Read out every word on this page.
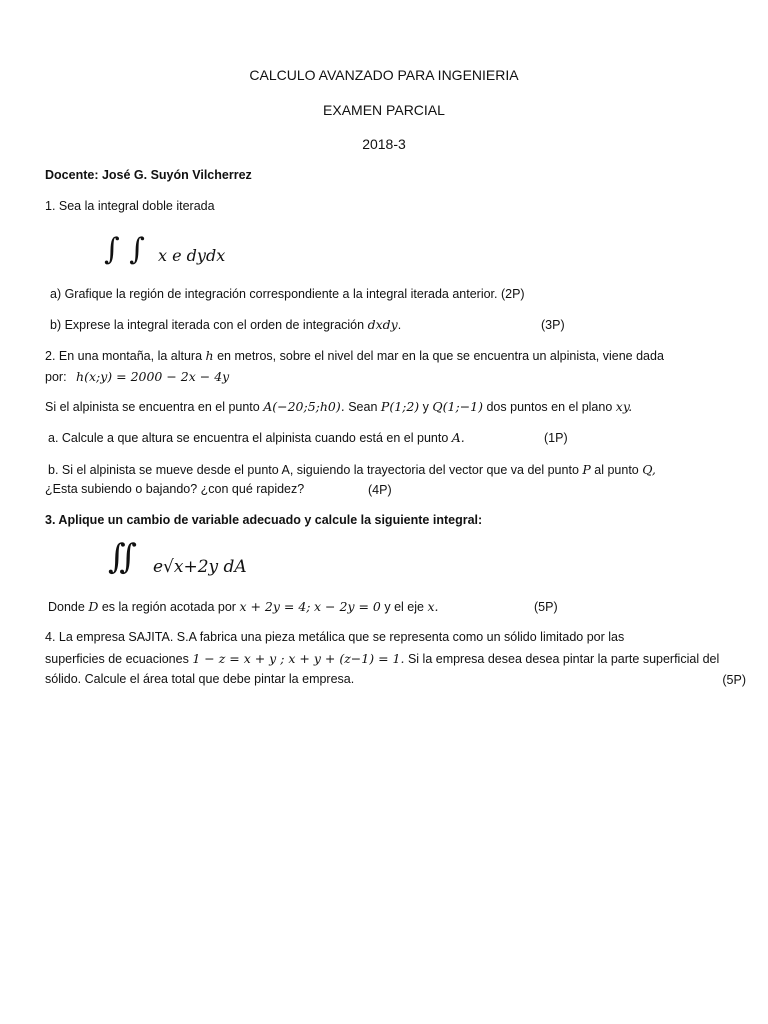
CALCULO AVANZADO PARA INGENIERIA
EXAMEN PARCIAL
2018-3
Docente: José G. Suyón Vilcherrez
1. Sea la integral doble iterada
∫ ∫ x e dydx
a) Grafique la región de integración correspondiente a la integral iterada anterior. (2P)
b) Exprese la integral iterada con el orden de integración dxdy.	(3P)
2. En una montaña, la altura h en metros, sobre el nivel del mar en la que se encuentra un alpinista, viene dada
por: h(x;y) = 2000 − 2x − 4y
Si el alpinista se encuentra en el punto A(−20;5;h0). Sean P(1;2) y Q(1;−1) dos puntos en el plano xy.
a. Calcule a que altura se encuentra el alpinista cuando está en el punto A.	(1P)
b. Si el alpinista se mueve desde el punto A, siguiendo la trayectoria del vector que va del punto P al punto Q,
¿Esta subiendo o bajando? ¿con qué rapidez?	(4P)
3. Aplique un cambio de variable adecuado y calcule la siguiente integral:
∬ e√x+2y dA
Donde D es la región acotada por x + 2y = 4; x − 2y = 0 y el eje x.	(5P)
4. La empresa SAJITA. S.A fabrica una pieza metálica que se representa como un sólido limitado por las
superficies de ecuaciones 1 − z = x + y ; x + y + (z−1) = 1. Si la empresa desea desea pintar la parte superficial del
sólido. Calcule el área total que debe pintar la empresa.	(5P)
